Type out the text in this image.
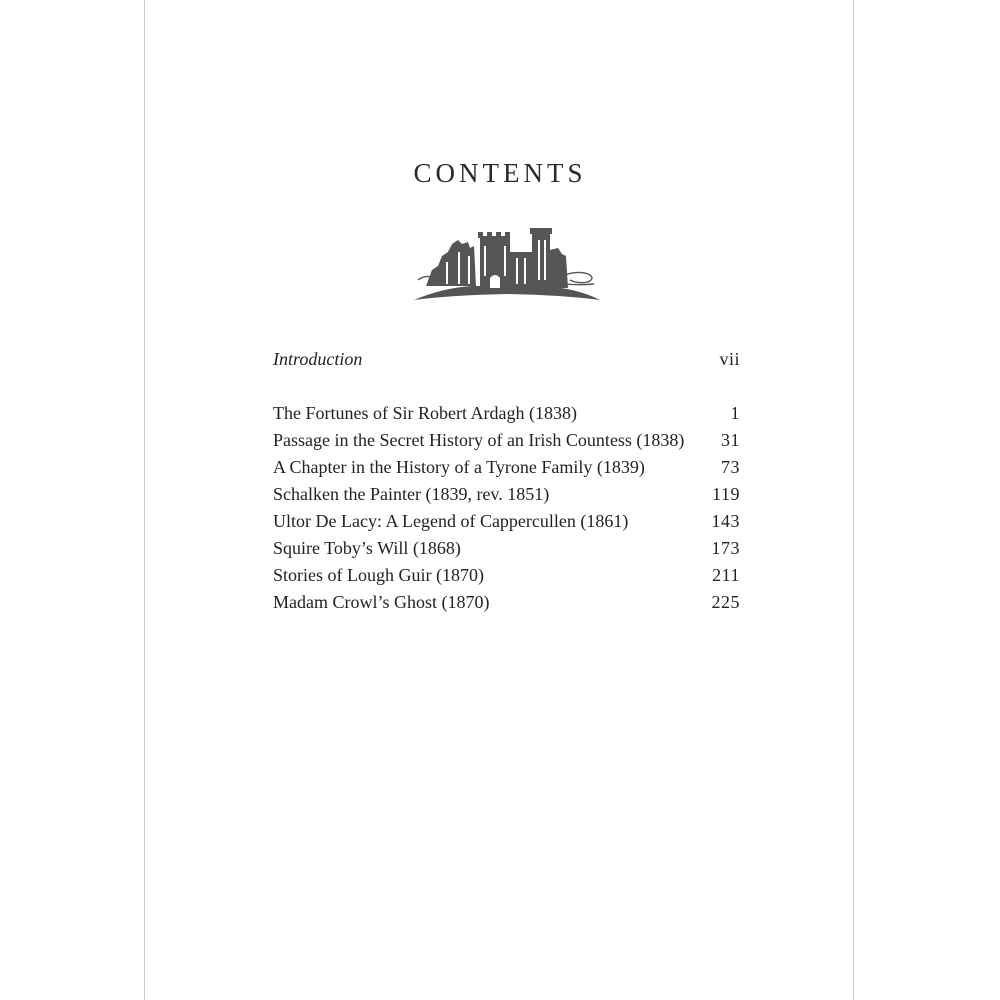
CONTENTS
Introduction	vii
The Fortunes of Sir Robert Ardagh (1838)	1
Passage in the Secret History of an Irish Countess (1838) 31
A Chapter in the History of a Tyrone Family (1839)	73
Schalken the Painter (1839, rev. 1851)	119
Ultor De Lacy: A Legend of Cappercullen (1861)	143
Squire Toby’s Will (1868)	173
Stories of Lough Guir (1870)	211
Madam Crowl’s Ghost (1870)	225
